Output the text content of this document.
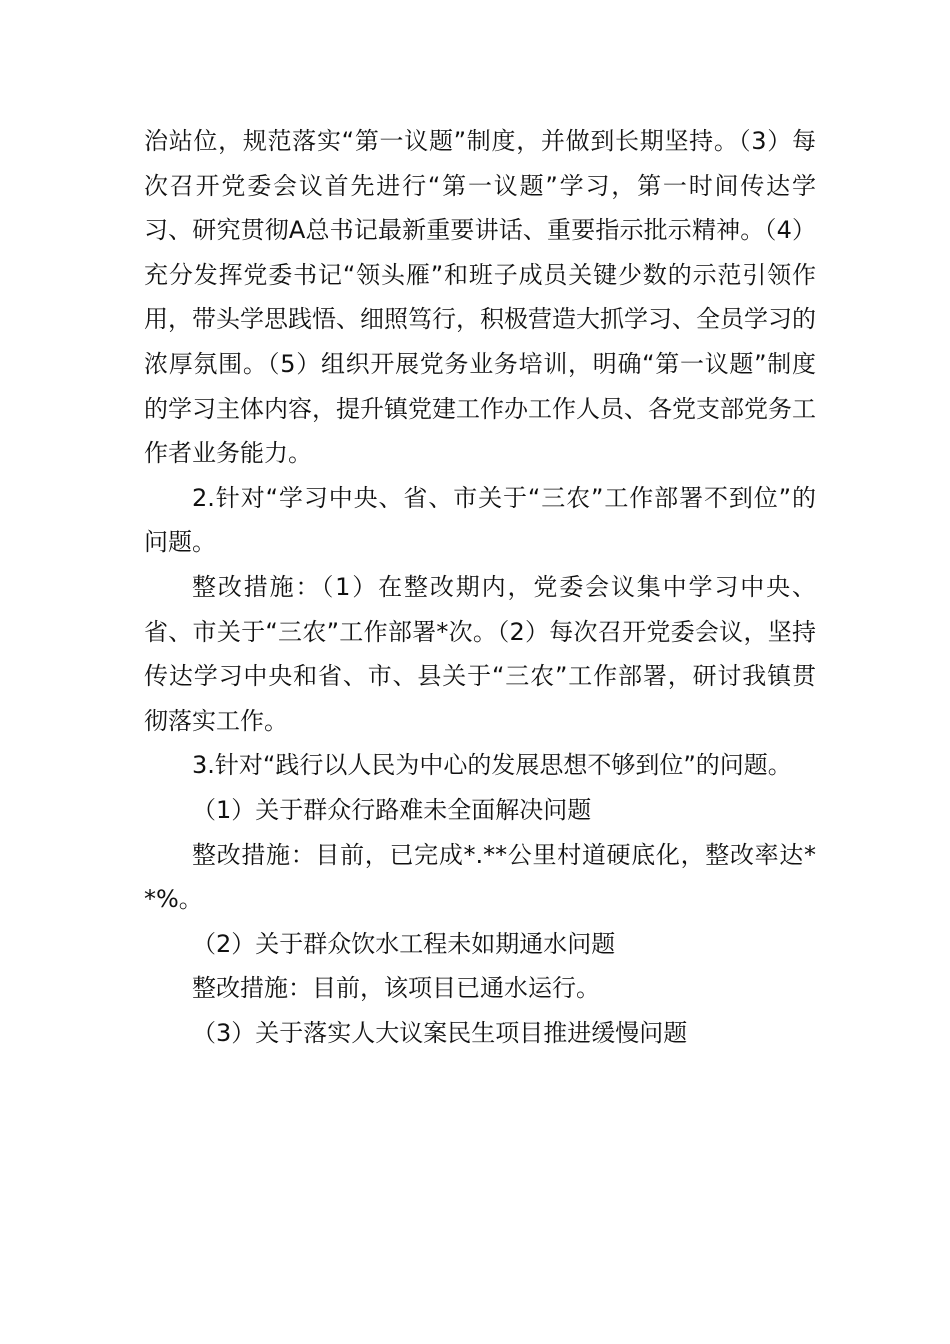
治站位，规范落实“第一议题”制度，并做到长期坚持。（3）每次召开党委会议首先进行“第一议题”学习，第一时间传达学习、研究贯彻A总书记最新重要讲话、重要指示批示精神。（4）充分发挥党委书记“领头雁”和班子成员关键少数的示范引领作用，带头学思践悟、细照笃行，积极营造大抓学习、全员学习的浓厚氛围。（5）组织开展党务业务培训，明确“第一议题”制度的学习主体内容，提升镇党建工作办工作人员、各党支部党务工作者业务能力。

2.针对“学习中央、省、市关于“三农”工作部署不到位”的问题。

整改措施：（1）在整改期内，党委会议集中学习中央、省、市关于“三农”工作部署*次。（2）每次召开党委会议，坚持传达学习中央和省、市、县关于“三农”工作部署，研讨我镇贯彻落实工作。

3.针对“践行以人民为中心的发展思想不够到位”的问题。

（1）关于群众行路难未全面解决问题

整改措施：目前，已完成*.**公里村道硬底化，整改率达**%。

（2）关于群众饮水工程未如期通水问题

整改措施：目前，该项目已通水运行。

（3）关于落实人大议案民生项目推进缓慢问题
